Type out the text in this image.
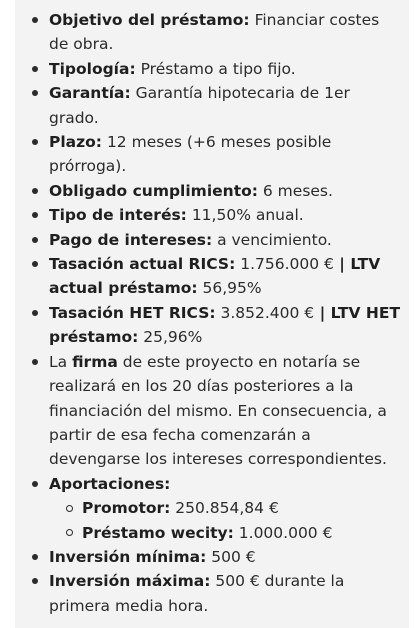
Objetivo del préstamo: Financiar costes de obra.
Tipología: Préstamo a tipo fijo.
Garantía: Garantía hipotecaria de 1er grado.
Plazo: 12 meses (+6 meses posible prórroga).
Obligado cumplimiento: 6 meses.
Tipo de interés: 11,50% anual.
Pago de intereses: a vencimiento.
Tasación actual RICS: 1.756.000 € | LTV actual préstamo: 56,95%
Tasación HET RICS: 3.852.400 € | LTV HET préstamo: 25,96%
La firma de este proyecto en notaría se realizará en los 20 días posteriores a la financiación del mismo. En consecuencia, a partir de esa fecha comenzarán a devengarse los intereses correspondientes.
Aportaciones:
Promotor: 250.854,84 €
Préstamo wecity: 1.000.000 €
Inversión mínima: 500 €
Inversión máxima: 500 € durante la primera media hora.
